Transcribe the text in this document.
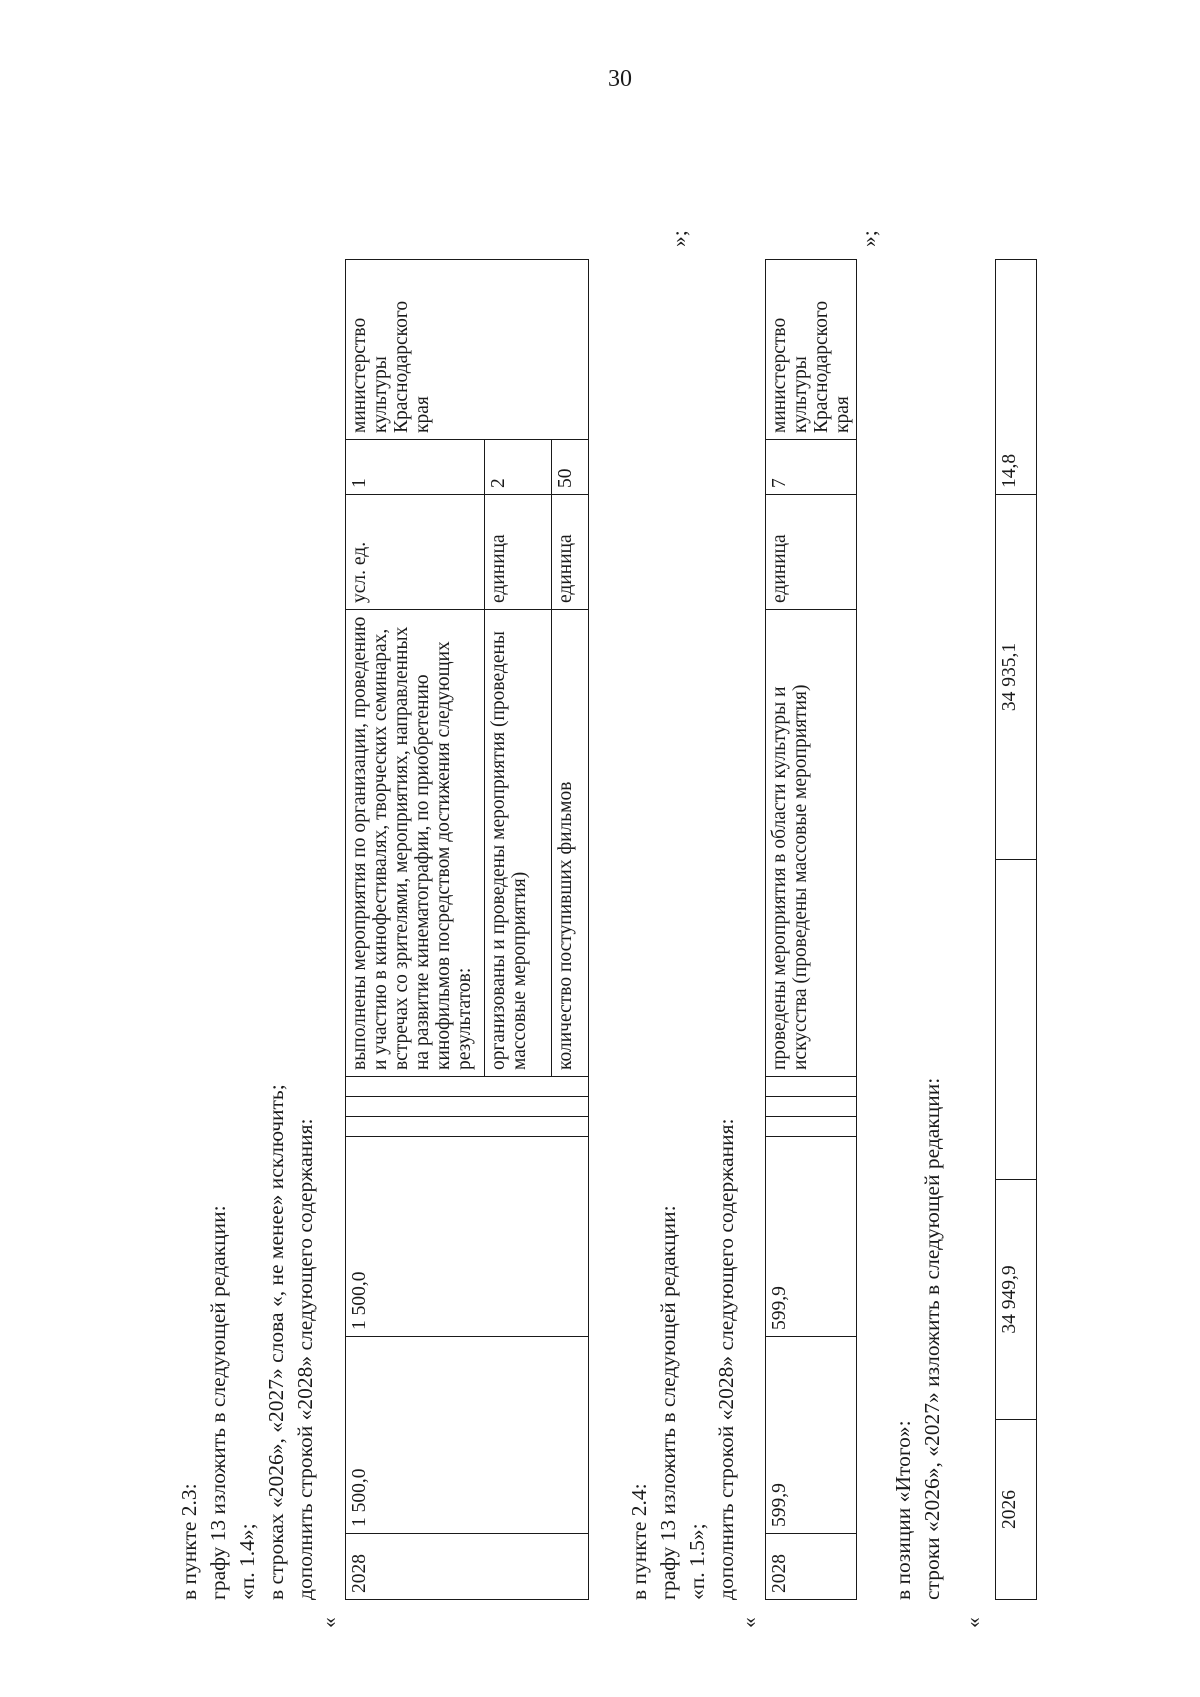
30

в пункте 2.3: графу 13 изложить в следующей редакции: «п. 1.4»; в строках «2026», «2027» слова «, не менее» исключить; дополнить строкой «2028» следующего содержания:

«
2028	1 500,0	1 500,0				выполнены мероприятия по организации, проведению и участию в кинофестивалях, творческих семинарах, встречах со зрителями, мероприятиях, направленных на развитие кинематографии, по приобретению кинофильмов посредством достижения следующих результатов:	усл. ед.	1	министерство культуры Краснодарского края
						организованы и проведены мероприятия (проведены массовые мероприятия)	единица	2	
						количество поступивших фильмов	единица	50	
»;

в пункте 2.4: графу 13 изложить в следующей редакции: «п. 1.5»; дополнить строкой «2028» следующего содержания:

«
2028	599,9	599,9				проведены мероприятия в области культуры и искусства (проведены массовые мероприятия)	единица	7	министерство культуры Краснодарского края
»;

в позиции «Итого»: строки «2026», «2027» изложить в следующей редакции:

«
2026	34 949,9		34 935,1	14,8
